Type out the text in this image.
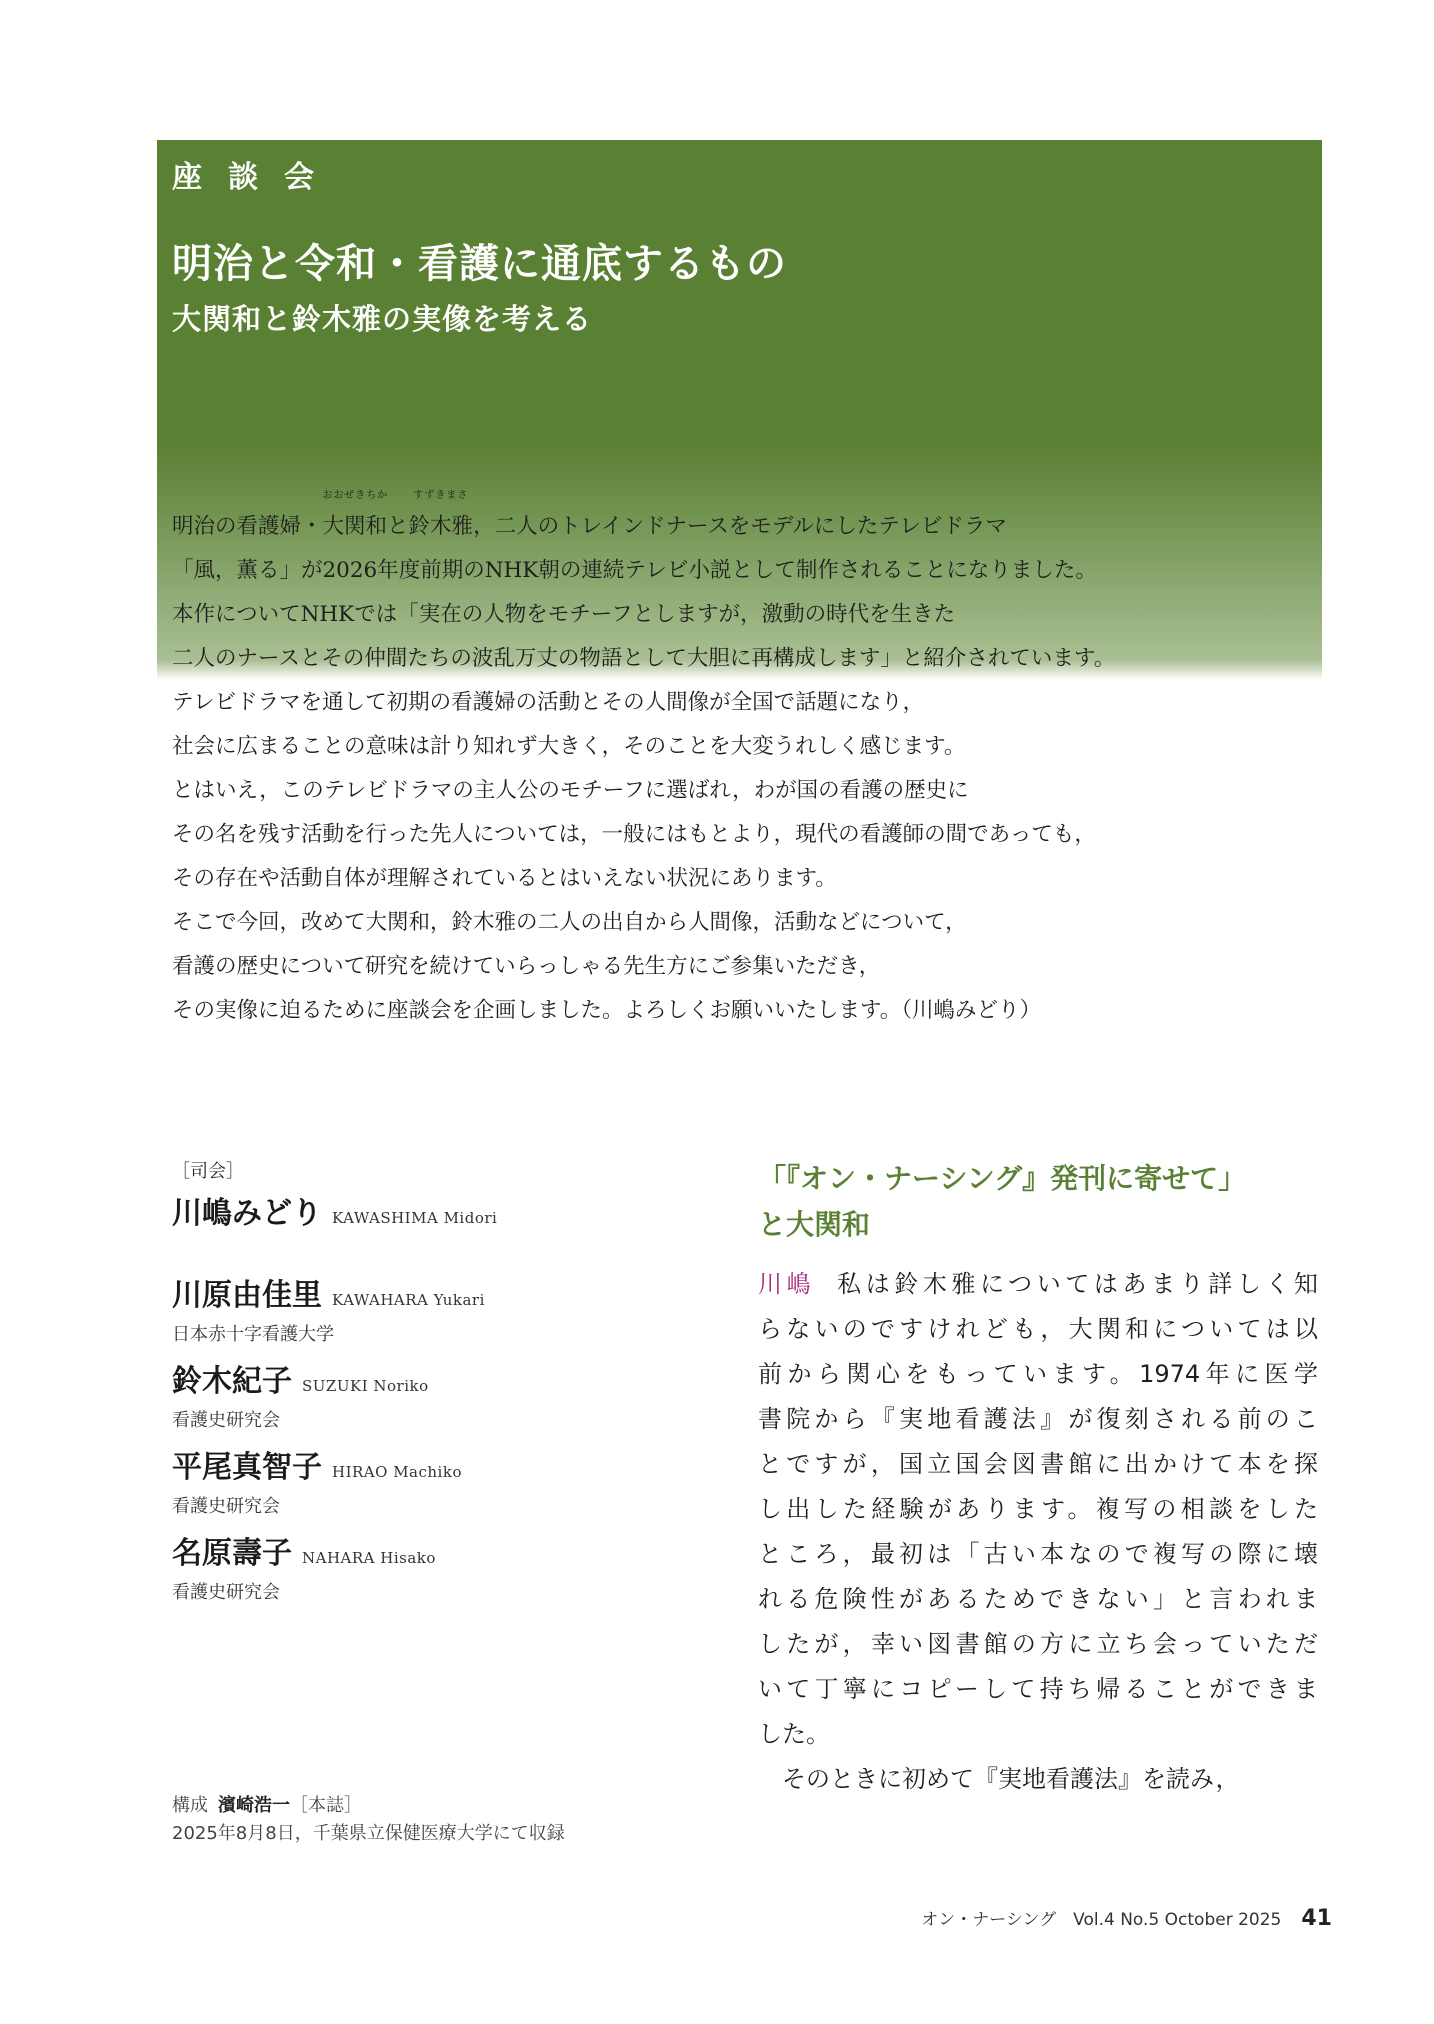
座談会
明治と令和・看護に通底するもの
大関和と鈴木雅の実像を考える
明治の看護婦・
おおぜきちか
大関和と
すずきまさ
鈴木雅，二人のトレインドナースをモデルにしたテレビドラマ
「風，薫る」が2026年度前期のNHK朝の連続テレビ小説として制作されることになりました。
本作についてNHKでは「実在の人物をモチーフとしますが，激動の時代を生きた
二人のナースとその仲間たちの波乱万丈の物語として大胆に再構成します」と紹介されています。
テレビドラマを通して初期の看護婦の活動とその人間像が全国で話題になり，
社会に広まることの意味は計り知れず大きく，そのことを大変うれしく感じます。
とはいえ，このテレビドラマの主人公のモチーフに選ばれ，わが国の看護の歴史に
その名を残す活動を行った先人については，一般にはもとより，現代の看護師の間であっても，
その存在や活動自体が理解されているとはいえない状況にあります。
そこで今回，改めて大関和，鈴木雅の二人の出自から人間像，活動などについて，
看護の歴史について研究を続けていらっしゃる先生方にご参集いただき，
その実像に迫るために座談会を企画しました。よろしくお願いいたします。（川嶋みどり）
［司会］
川嶋みどり KAWASHIMA Midori
川原由佳里 KAWAHARA Yukari
日本赤十字看護大学
鈴木紀子 SUZUKI Noriko
看護史研究会
平尾真智子 HIRAO Machiko
看護史研究会
名原壽子 NAHARA Hisako
看護史研究会
構成 濱崎浩一［本誌］
2025年8月8日，千葉県立保健医療大学にて収録
「『オン・ナーシング』発刊に寄せて」
と大関和
川嶋 私は鈴木雅についてはあまり詳しく知
らないのですけれども，大関和については以
前から関心をもっています。1974年に医学
書院から『実地看護法』が復刻される前のこ
とですが，国立国会図書館に出かけて本を探
し出した経験があります。複写の相談をした
ところ，最初は「古い本なので複写の際に壊
れる危険性があるためできない」と言われま
したが，幸い図書館の方に立ち会っていただ
いて丁寧にコピーして持ち帰ることができま
した。
　そのときに初めて『実地看護法』を読み，
オン・ナーシング　Vol.4 No.5 October 2025 41
